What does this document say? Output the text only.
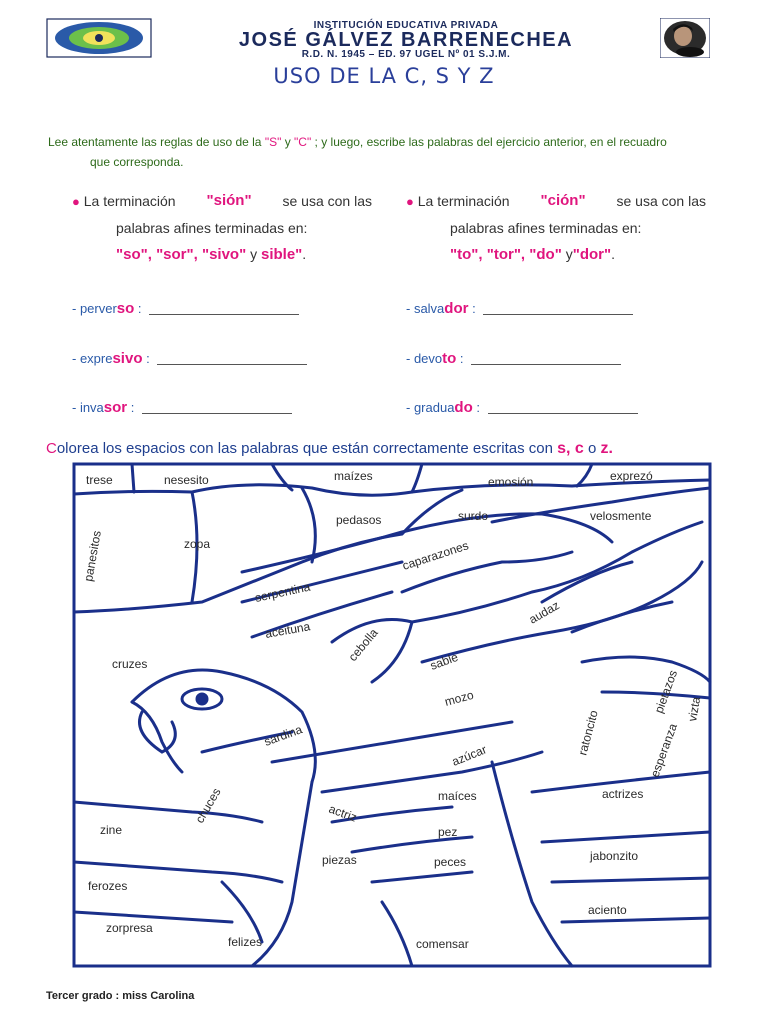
INSTITUCIÓN EDUCATIVA PRIVADA
JOSÉ GÁLVEZ BARRENECHEA
R.D. N. 1945 – ED. 97 UGEL Nº 01 S.J.M.
USO DE LA C, S Y Z
Lee atentamente las reglas de uso de la "S" y "C" ; y luego, escribe las palabras del ejercicio anterior, en el recuadro
que corresponda.
● La terminación "sión" se usa con las
palabras afines terminadas en:
"so", "sor", "sivo" y sible".
● La terminación "ción" se usa con las
palabras afines terminadas en:
"to", "tor", "do" y"dor".
- perverso :
- expresivo :
- invasor :
- salvador :
- devoto :
- graduado :
Colorea los espacios con las palabras que están correctamente escritas con s, c o z.
trese	nesesito	maízes	emosión	exprezó
pedasos	surdo	velosmente
panesitos	zopa	caparazones
serpentina
aceituna	cebolla
audaz
cruzes	sable
pietazos
mozo	vizta
ratoncito	esperanza
sardina
azúcar
chuces	maíces	actrizes
zine
actriz
pez
jabonzito
piezas	peces
ferozes
aciento
zorpresa
felizes	comensar
Tercer grado : miss Carolina
